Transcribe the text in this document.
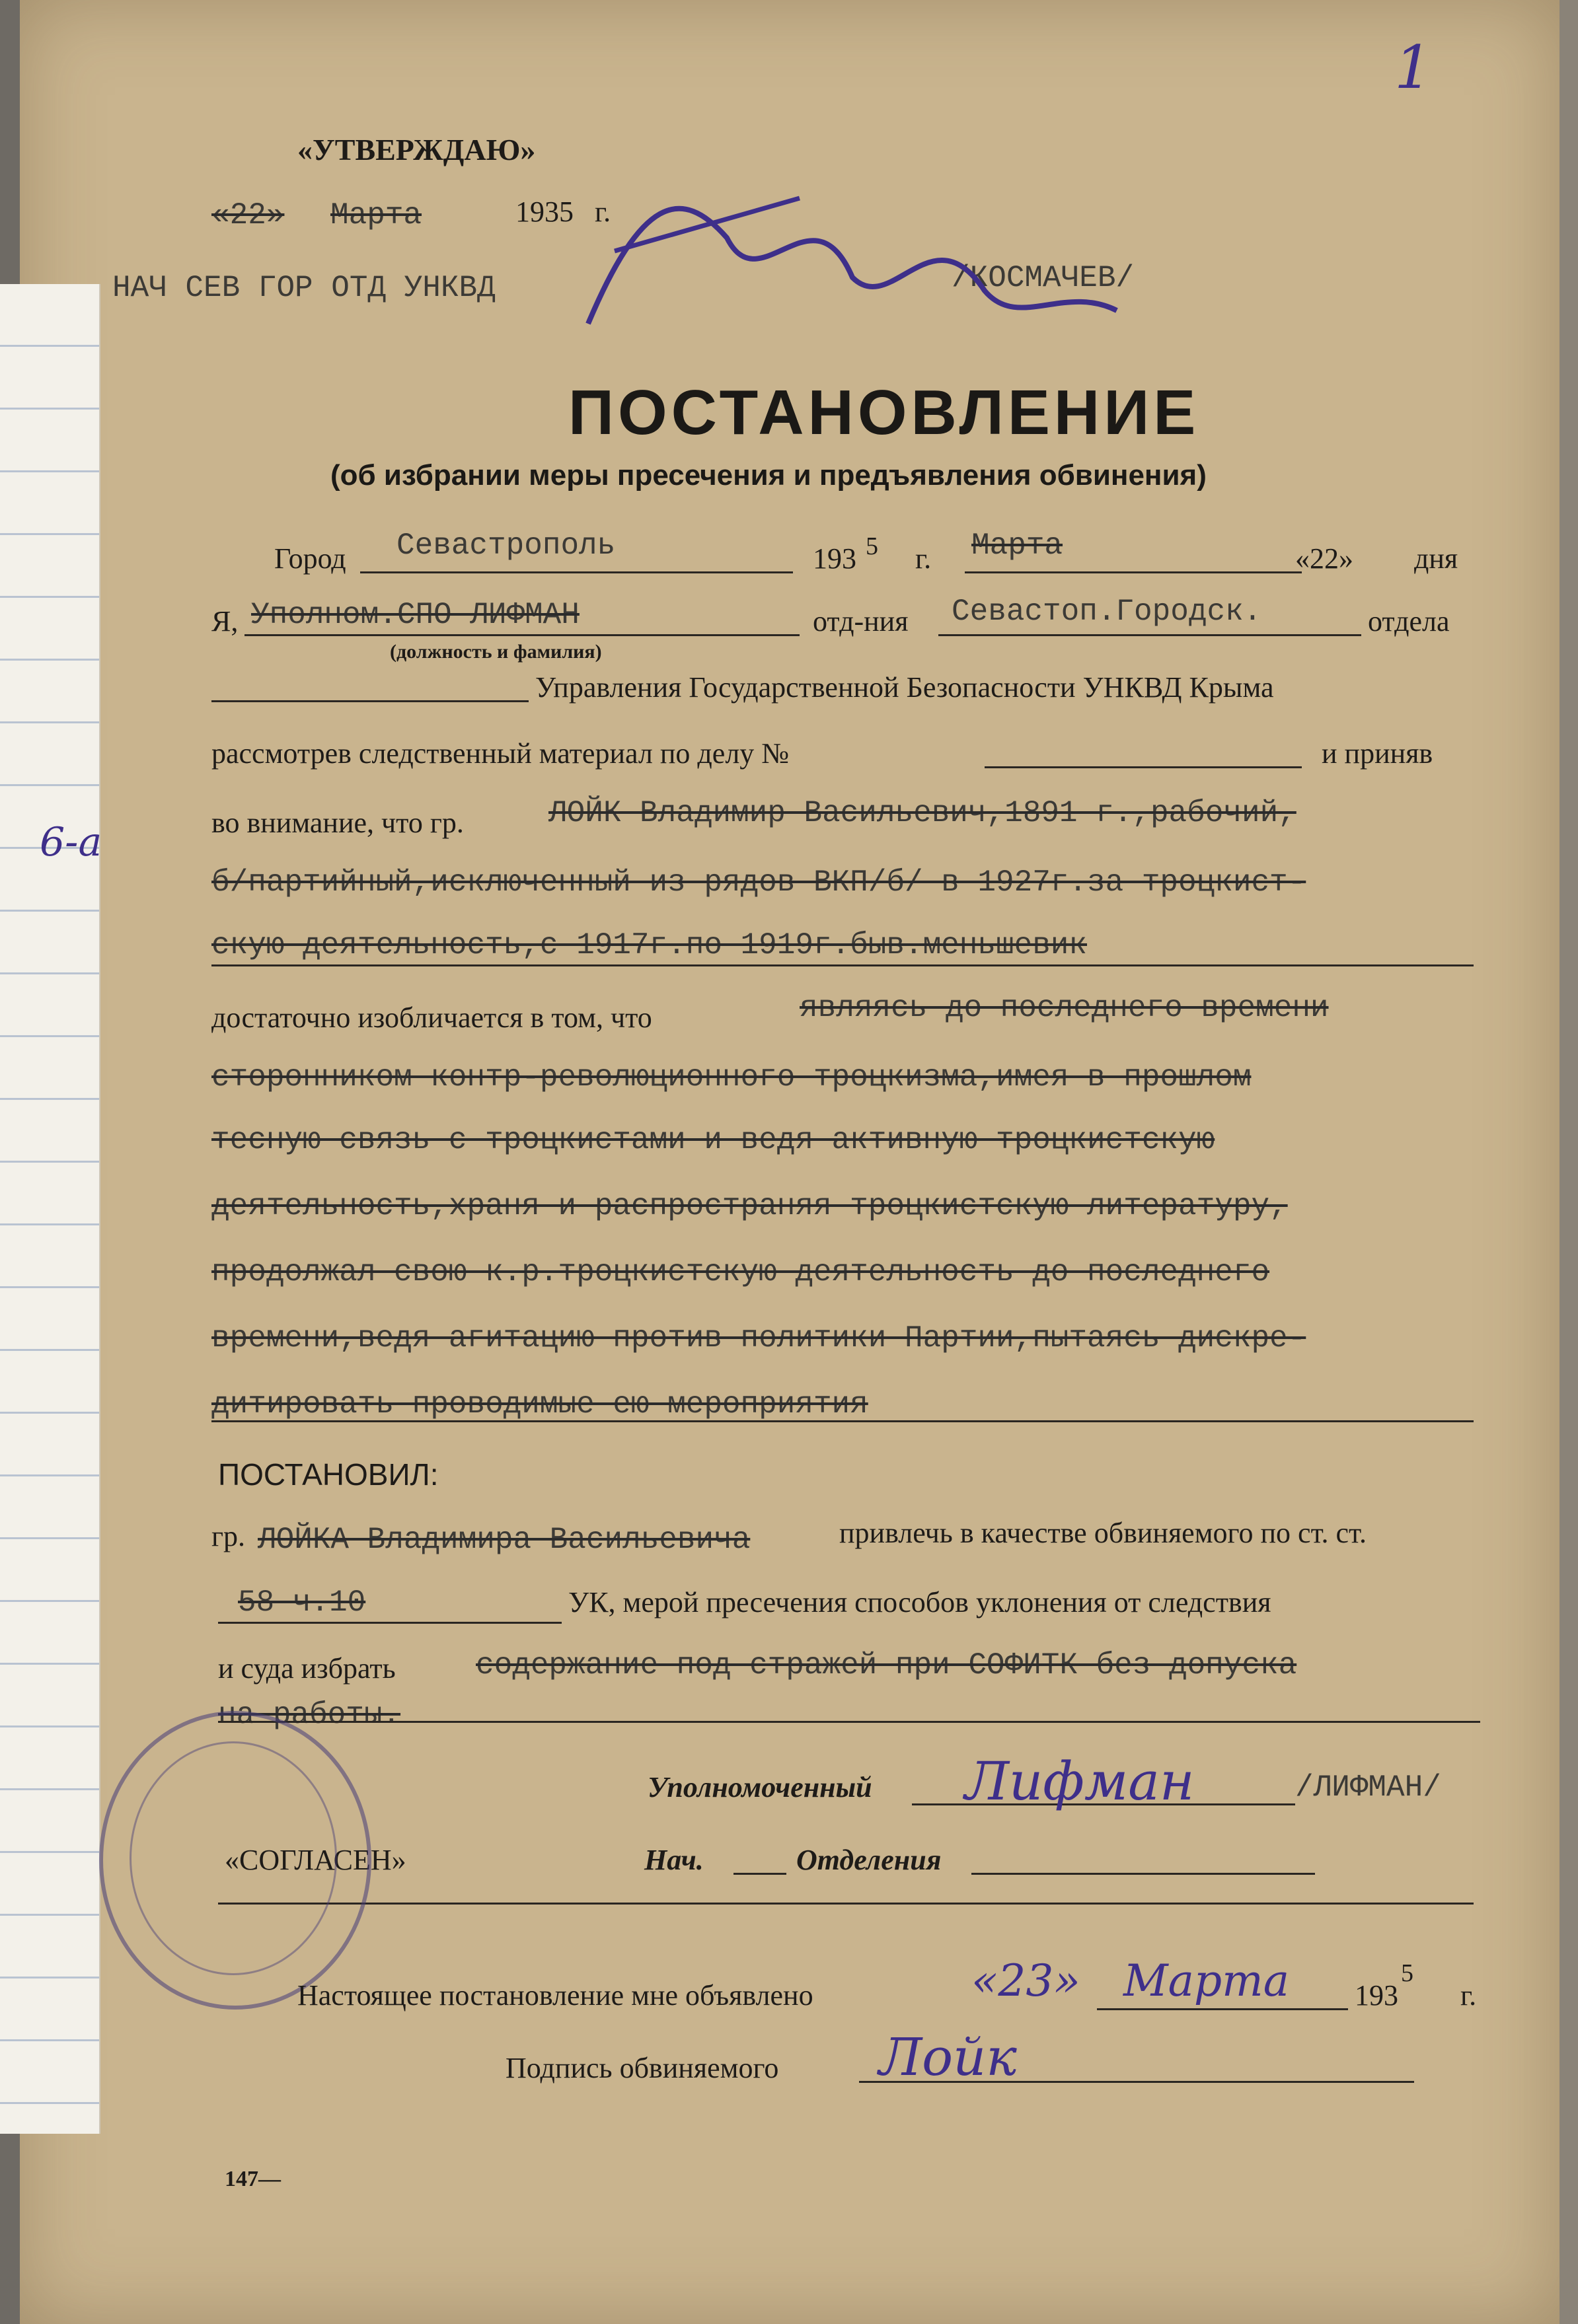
1
6-а
«УТВЕРЖДАЮ»
«22» Марта	1935 г.
НАЧ СЕВ ГОР ОТД УНКВД	/КОСМАЧЕВ/
ПОСТАНОВЛЕНИЕ
(об избрании меры пресечения и предъявления обвинения)
Город Севастрополь	193 5 г. Марта	«22» дня
Я, Уполном.СПО ЛИФМАН
(должность и фамилия)
отд-ния Севастоп.Городск.	отдела
Управления Государственной Безопасности УНКВД Крыма
рассмотрев следственный материал по делу №	и приняв
во внимание, что гр.	ЛОЙК Владимир Васильевич,1891 г.,рабочий,
б/партийный,исключенный из рядов ВКП/б/ в 1927г.за троцкист-
скую деятельность,с 1917г.по 1919г.быв.меньшевик
достаточно изобличается в том, что	являясь до последнего времени
сторонником контр-революционного троцкизма,имея в прошлом
тесную связь с троцкистами и ведя активную троцкистскую
деятельность,храня и распространяя троцкистскую литературу,
продолжал свою к.р.троцкистскую деятельность до последнего
времени,ведя агитацию против политики Партии,пытаясь дискре-
дитировать проводимые ею мероприятия
ПОСТАНОВИЛ:
гр. ЛОЙКА Владимира Васильевича	привлечь в качестве обвиняемого по ст. ст.
58 ч.10	УК, мерой пресечения способов уклонения от следствия
и суда избрать	содержание под стражей при СОФИТК без допуска
на работы.
Уполномоченный Лифман	/ЛИФМАН/
«СОГЛАСЕН»	Нач.	Отделения
Настоящее постановление мне объявлено	«23» Марта 193
5
г.
Подпись обвиняемого Лойк
147—
